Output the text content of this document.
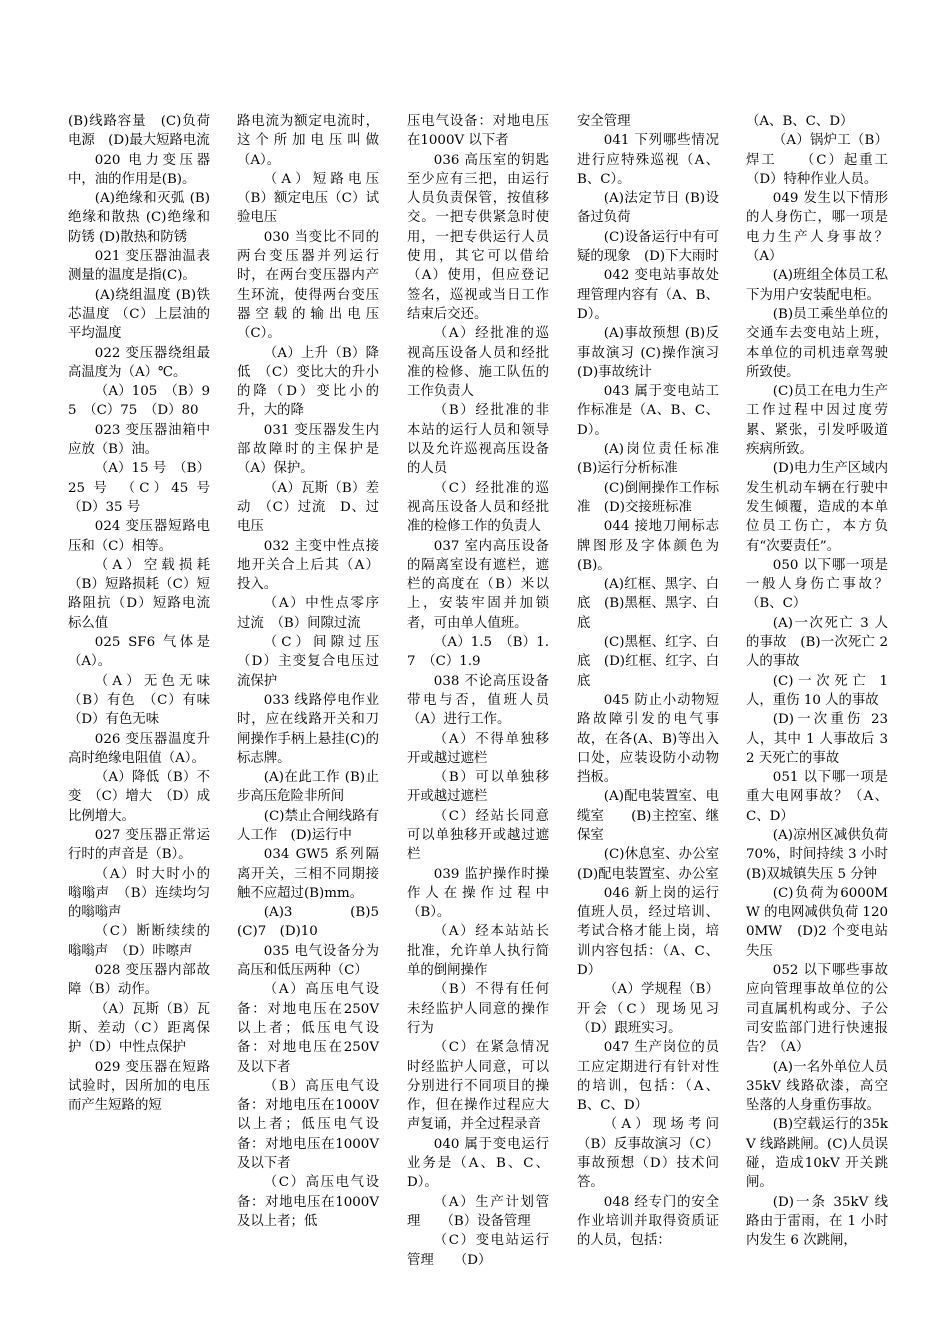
(B)线路容量　(C)负荷电源　(D)最大短路电流

020 电力变压器中，油的作用是(B)。

(A)绝缘和灭弧 (B)绝缘和散热 (C)绝缘和防锈 (D)散热和防锈

021 变压器油温表测量的温度是指(C)。

(A)绕组温度 (B)铁芯温度 （C）上层油的平均温度

022 变压器绕组最高温度为（A）℃。

（A）105　（B）95　（C）75　（D）80

023 变压器油箱中应放（B）油。

（A）15 号　（B）25 号　（C）45 号　（D）35 号

024 变压器短路电压和（C）相等。

（A）空载损耗　（B）短路损耗（C）短路阻抗（D）短路电流标么值

025 SF6 气体是（A）。

（A）无色无味（B）有色　（C）有味　（D）有色无味

026 变压器温度升高时绝缘电阻值（A）。

（A）降低（B）不变　（C）增大　（D）成比例增大。

027 变压器正常运行时的声音是（B）。

（A）时大时小的嗡嗡声　（B）连续均匀的嗡嗡声

（C）断断续续的嗡嗡声　（D）咔嚓声

028 变压器内部故障（B）动作。

（A）瓦斯（B）瓦斯、差动（C）距离保护（D）中性点保护

029 变压器在短路试验时，因所加的电压而产生短路的短

路电流为额定电流时，这个所加电压叫做（A）。

（A）短路电压（B）额定电压（C）试验电压

030 当变比不同的两台变压器并列运行时，在两台变压器内产生环流，使得两台变压器空载的输出电压（C）。

（A）上升（B）降低　（C）变比大的升小的降（D）变比小的升，大的降

031 变压器发生内部故障时的主保护是（A）保护。

（A）瓦斯（B）差动　（C）过流　D、过电压

032 主变中性点接地开关合上后其（A）投入。

（A）中性点零序过流　（B）间隙过流

（C）间隙过压（D）主变复合电压过流保护

033 线路停电作业时，应在线路开关和刀闸操作手柄上悬挂(C)的标志牌。

(A)在此工作 (B)止步高压危险非所间

(C)禁止合闸线路有人工作　(D)运行中

034 GW5 系列隔离开关，三相不同期接触不应超过(B)mm。

(A)3　　(B)5　(C)7　(D)10

035 电气设备分为高压和低压两种（C）

（A）高压电气设备：对地电压在250V 以上者；低压电气设备：对地电压在250V 及以下者

（B）高压电气设备：对地电压在1000V 以上者；低压电气设备：对地电压在1000V 及以下者

（C）高压电气设备：对地电压在1000V 及以上者；低

压电气设备：对地电压在1000V 以下者

036 高压室的钥匙至少应有三把，由运行人员负责保管，按值移交。一把专供紧急时使用，一把专供运行人员使用，其它可以借给（A）使用，但应登记签名，巡视或当日工作结束后交还。

（A）经批准的巡视高压设备人员和经批准的检修、施工队伍的工作负责人

（B）经批准的非本站的运行人员和领导以及允许巡视高压设备的人员

（C）经批准的巡视高压设备人员和经批准的检修工作的负责人

037 室内高压设备的隔离室设有遮栏，遮栏的高度在（B）米以上，安装牢固并加锁者，可由单人值班。

（A）1.5　（B）1.7　（C）1.9

038 不论高压设备带电与否，值班人员（A）进行工作。

（A）不得单独移开或越过遮栏

（B）可以单独移开或越过遮栏

（C）经站长同意可以单独移开或越过遮栏

039 监护操作时操作人在操作过程中（B）。

（A）经本站站长批准，允许单人执行简单的倒闸操作

（B）不得有任何未经监护人同意的操作行为

（C）在紧急情况时经监护人同意，可以分别进行不同项目的操作，但在操作过程应大声复诵，并全过程录音

040 属于变电运行业务是（A、B、C、D）。

（A）生产计划管理　　（B）设备管理

（C）变电站运行管理　　（D）

安全管理

041 下列哪些情况进行应特殊巡视（A、B、C）。

(A)法定节日 (B)设备过负荷

(C)设备运行中有可疑的现象　(D)下大雨时

042 变电站事故处理管理内容有（A、B、D）。

(A)事故预想 (B)反事故演习 (C)操作演习　(D)事故统计

043 属于变电站工作标准是（A、B、C、D）。

(A)岗位责任标准 (B)运行分析标准

(C)倒闸操作工作标准　(D)交接班标准

044 接地刀闸标志牌图形及字体颜色为(B)。

(A)红框、黑字、白底　(B)黑框、黑字、白底

(C)黑框、红字、白底　(D)红框、红字、白底

045 防止小动物短路故障引发的电气事故，在各(A、B)等出入口处，应装设防小动物挡板。

(A)配电装置室、电缆室　　(B)主控室、继保室

(C)休息室、办公室　　(D)配电装置室、办公室

046 新上岗的运行值班人员，经过培训、考试合格才能上岗，培训内容包括：（A、C、D）

（A）学规程（B）开会（C）现场见习（D）跟班实习。

047 生产岗位的员工应定期进行有针对性的培训，包括：（A、B、C、D）

（A）现场考问（B）反事故演习（C）事故预想（D）技术问答。

048 经专门的安全作业培训并取得资质证的人员，包括：

（A、B、C、D）

（A）锅炉工（B）焊工　　（C）起重工　（D）特种作业人员。

049 发生以下情形的人身伤亡，哪一项是电力生产人身事故？（A）

(A)班组全体员工私下为用户安装配电柜。

(B)员工乘坐单位的交通车去变电站上班，本单位的司机违章驾驶所致使。

(C)员工在电力生产工作过程中因过度劳累、紧张，引发呼吸道疾病所致。

(D)电力生产区域内发生机动车辆在行驶中发生倾覆，造成的本单位员工伤亡，本方负有“次要责任”。

050 以下哪一项是一般人身伤亡事故？（B、C）

(A)一次死亡 3 人的事故　(B)一次死亡 2 人的事故

(C)一次死亡 1 人，重伤 10 人的事故

(D)一次重伤 23 人，其中 1 人事故后 32 天死亡的事故

051 以下哪一项是重大电网事故？（A、C、D）

(A)凉州区减供负荷 70%，时间持续 3 小时　(B)双城镇失压 5 分钟

(C)负荷为6000MW 的电网减供负荷 1200MW　(D)2 个变电站失压

052 以下哪些事故应向管理事故单位的公司直属机构或分、子公司安监部门进行快速报告？（A）

(A)一名外单位人员 35kV 线路砍漆，高空坠落的人身重伤事故。

(B)空载运行的35kV 线路跳闸。(C)人员误碰，造成10kV 开关跳闸。

(D)一条 35kV 线路由于雷雨，在 1 小时内发生 6 次跳闸，
